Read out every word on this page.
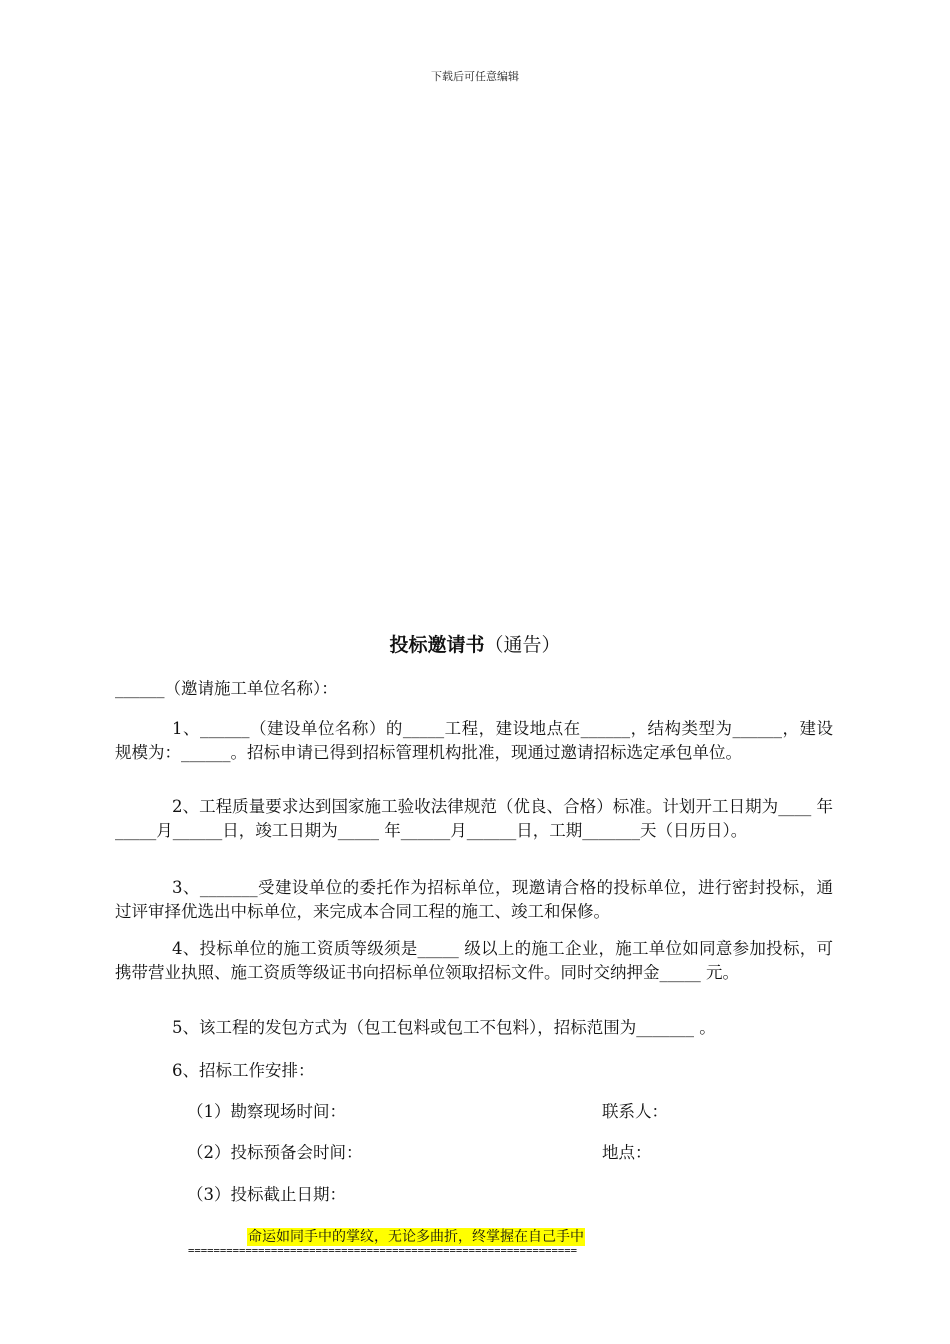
下载后可任意编辑
投标邀请书（通告）
______（邀请施工单位名称）：
1、______（建设单位名称）的_____工程，建设地点在______，结构类型为______，建设规模为：______。招标申请已得到招标管理机构批准，现通过邀请招标选定承包单位。
2、工程质量要求达到国家施工验收法律规范（优良、合格）标准。计划开工日期为____ 年_____月______日，竣工日期为_____ 年______月______日，工期_______天（日历日）。
3、_______受建设单位的委托作为招标单位，现邀请合格的投标单位，进行密封投标，通过评审择优选出中标单位，来完成本合同工程的施工、竣工和保修。
4、投标单位的施工资质等级须是_____ 级以上的施工企业，施工单位如同意参加投标，可携带营业执照、施工资质等级证书向招标单位领取招标文件。同时交纳押金_____ 元。
5、该工程的发包方式为（包工包料或包工不包料），招标范围为_______ 。
6、招标工作安排：
（1）勘察现场时间：	联系人：
（2）投标预备会时间：	地点：
（3）投标截止日期：
命运如同手中的掌纹，无论多曲折，终掌握在自己手中
=============================================================
